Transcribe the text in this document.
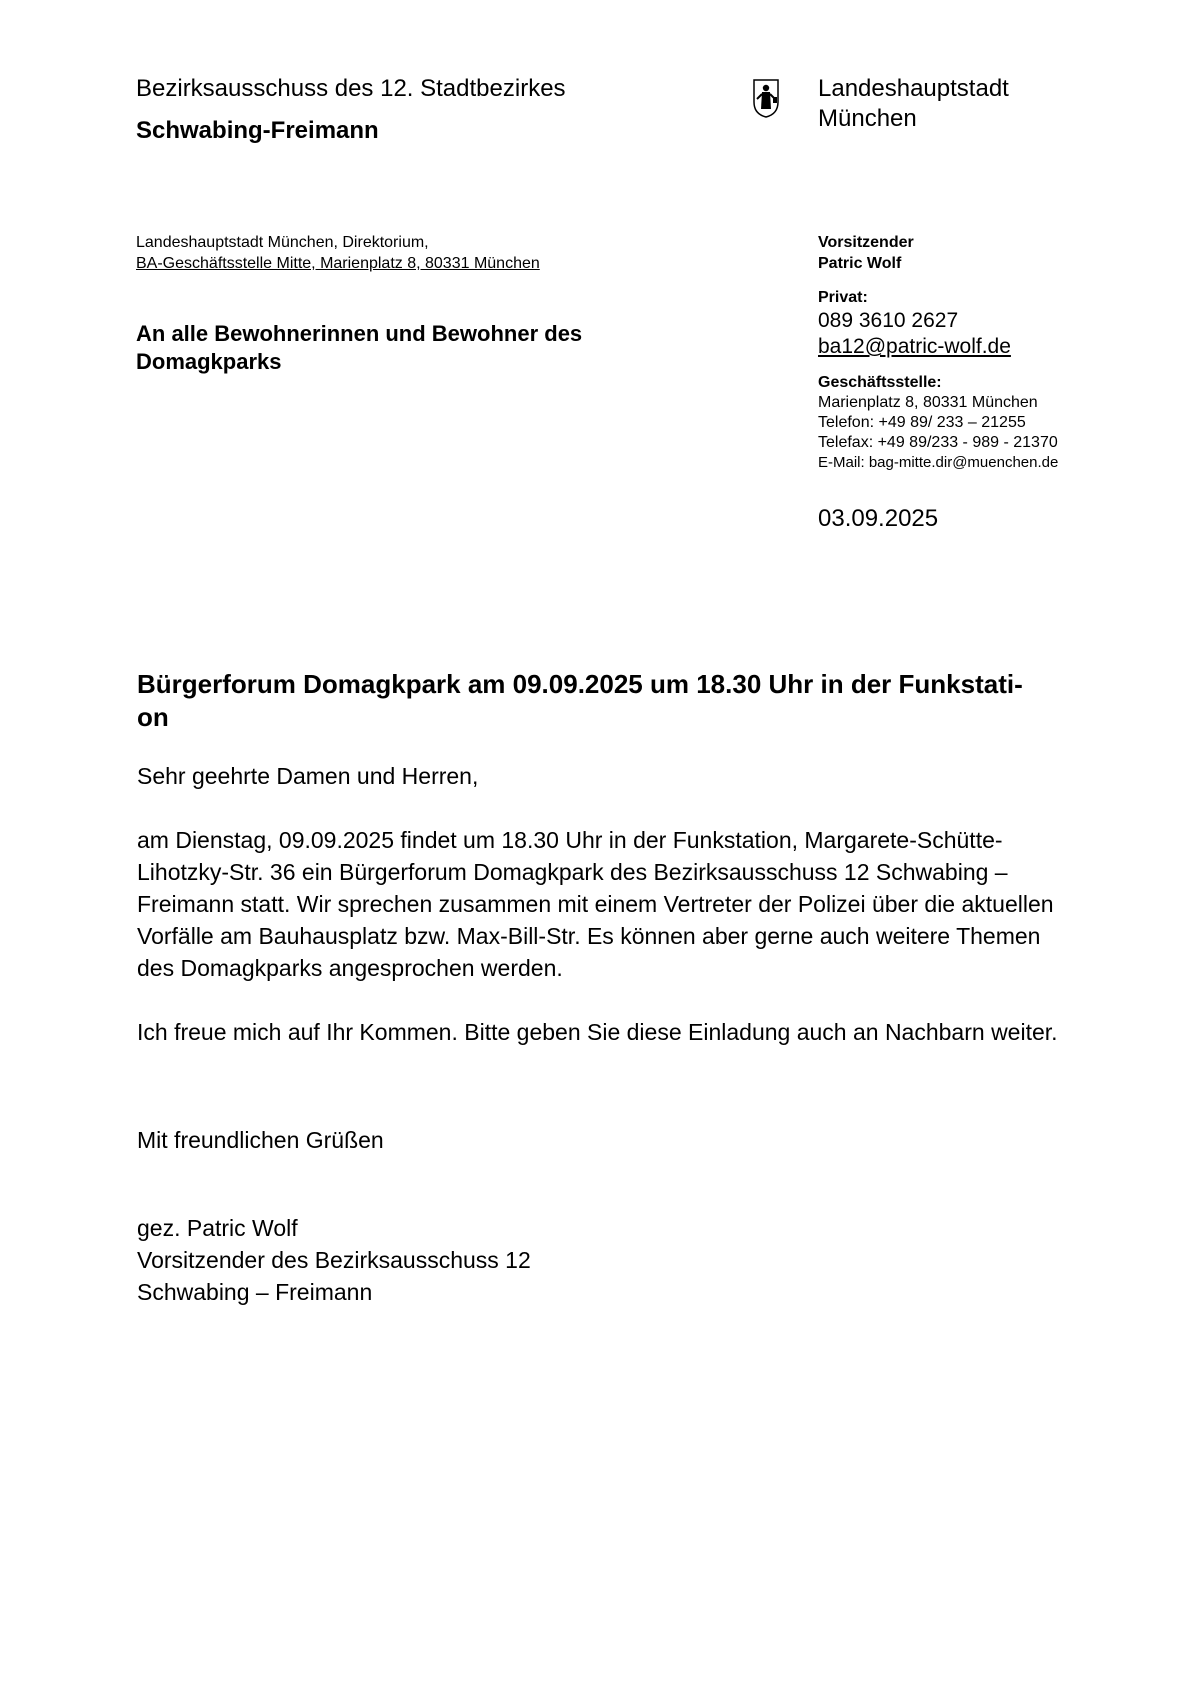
Bezirksausschuss des 12. Stadtbezirkes
Schwabing-Freimann
Landeshauptstadt
München
Landeshauptstadt München, Direktorium,
BA-Geschäftsstelle Mitte, Marienplatz 8, 80331 München
An alle Bewohnerinnen und Bewohner des
Domagkparks
Vorsitzender
Patric Wolf
Privat:
089 3610 2627
ba12@patric-wolf.de
Geschäftsstelle:
Marienplatz 8, 80331 München
Telefon: +49 89/ 233 – 21255
Telefax: +49 89/233 - 989 - 21370
E-Mail: bag-mitte.dir@muenchen.de
03.09.2025
Bürgerforum Domagkpark am 09.09.2025 um 18.30 Uhr in der Funkstati-
on
Sehr geehrte Damen und Herren,
am Dienstag, 09.09.2025 findet um 18.30 Uhr in der Funkstation, Margarete-Schütte-
Lihotzky-Str. 36 ein Bürgerforum Domagkpark des Bezirksausschuss 12 Schwabing –
Freimann statt. Wir sprechen zusammen mit einem Vertreter der Polizei über die aktuellen
Vorfälle am Bauhausplatz bzw. Max-Bill-Str. Es können aber gerne auch weitere Themen
des Domagkparks angesprochen werden.
Ich freue mich auf Ihr Kommen. Bitte geben Sie diese Einladung auch an Nachbarn weiter.
Mit freundlichen Grüßen
gez. Patric Wolf
Vorsitzender des Bezirksausschuss 12
Schwabing – Freimann
